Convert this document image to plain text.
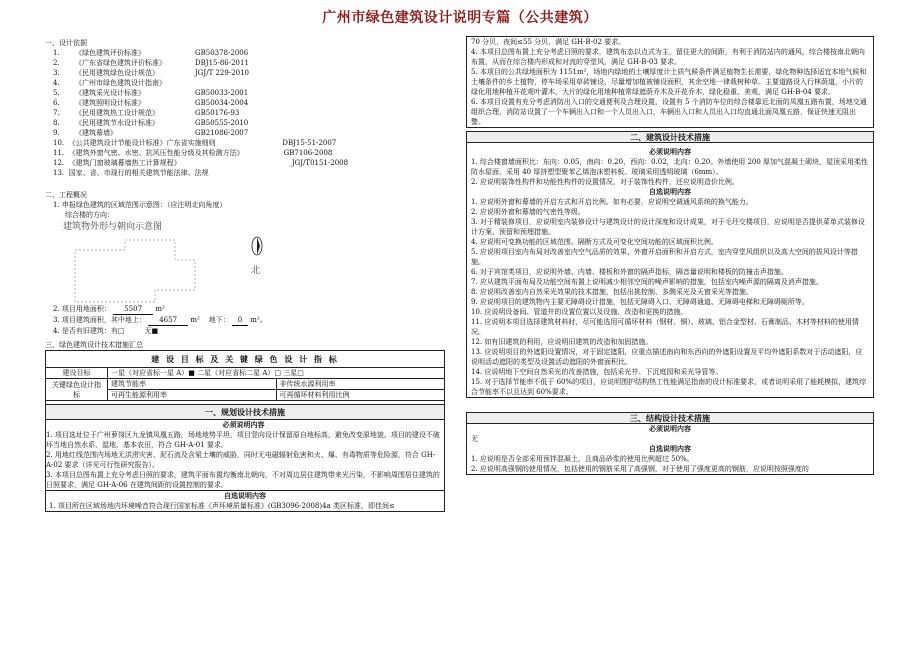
广州市绿色建筑设计说明专篇（公共建筑）
一、设计依据
1.	《绿色建筑评价标准》	GB50378-2006
2.	《广东省绿色建筑评价标准》	DBJ15-86-2011
3.	《民用建筑绿色设计规范》	JGJ/T 229-2010
4.	《广州市绿色建筑设计指南》
5.	《建筑采光设计标准》	GB50033-2001
6.	《建筑照明设计标准》	GB50034-2004
7.	《民用建筑热工设计规范》	GB50176-93
8.	《民用建筑节水设计标准》	GB50555-2010
9.	《建筑幕墙》	GB21086-2007
10.  《公共建筑设计节能设计标准》广东省实施细则                              DBJ15-51-2007
11.  《建筑外窗气密、水密、抗风压性能分级及其检测方法》                  GB7106-2008
12.  《建筑门窗玻璃幕墙热工计算规程》                                                  JGJ/T0151-2008
13.  国家、省、市现行的相关建筑节能法律、法规
二、工程概况
1. 申报绿色建筑的区域范围示意图：（应注明北向角度）
综合楼的方向：
建筑物外形与朝向示意图
北
2. 项目用地面积： 5507 m²
3. 项目建筑面积，其中地上： 4657 m² 地下： 0 m²。
4. 是否有旧建筑：有□	无■
三、绿色建筑设计技术措施汇总
建 设 目 标 及 关 键 绿 色 设 计 指 标		
建设目标	一星（对应省标一星 A）■ 二星（对应省标二星 A）□ 三星□	
关键绿色设计指标	建筑节能率	非传统水源利用率
	可再生能源利用率	可再循环材料利用比例

一、规划设计技术措施		

必须说明内容
1. 项目选址位于广州萝岗区九龙镇凤凰五路，场地地势平坦，项目竖向设计保留原自地标高，避免改变原地貌。项目的建设不破坏当地自然水系、湿地、基本农田，符合 GH-A-01 要求。
2. 用地红线范围内场地无洪涝灾害、泥石流及含氡土壤的威胁，同时无电磁辐射危害和火、爆、有毒物质等危险源，符合 GH-A-02 要求（详见可行性研究报告）。
3. 本项目总图布置上充分考虑日照的要求，建筑平面布置均衡南北朝向，不对周边居住建筑带来光污染，不影响周围居住建筑的日照要求，满足 GH-A-06 在建筑间距的设置控制的要求。		

自选说明内容
1. 项目所在区域场地内环境噪音符合现行国家标准《声环境质量标准》(GB3096-2008)4a 类区标准，即佳间≤		
70 分贝，夜间≤55 分贝，满足 GH-B-02 要求。
4. 本项目总图布置上充分考虑日照的要求，建筑布态以点式为主，留住更大的间距，有利于消防站内的通风，综合楼按南北朝向布置，从而在综合楼内形成和对流的穿堂风，满足 GH-B-03 要求。
5. 本项目的公共绿地面积为 1151m²，场地内绿地的土壤厚度计土质气候条件满足植物生长需要，绿化物种选择适宜本地气候和土壤条件的乡土植物，停车场采用草砖铺设，尽量增加植被铺设面积，其余空地一律栽树种草。主要道路设入行林荫道，小片的绿化用地种植开花观叶灌木，大片的绿化用地种植常绿遮荫乔木及开花乔木，绿化稳重、美观，满足 GH-B-04 要求。
6. 本项目设置有充分考虑消防出入口的交通便利及合理设置，设置有 5 个消防车位的综合楼靠近北面的凤凰五路布置，场地交通组织合理，消防站设置了一个车辆出入口和一个人员出入口，车辆出入口和人员出入口均直通北面凤凰五路，保证快速无阻出警。

二、建筑设计技术措施

必须说明内容
1. 综合楼窗墙面积比：东向：0.05，南向：0.20，西向：0.02，北向：0.20。外墙使用 200 厚加气混凝土砌块，屋顶采用柔性防水屋面，采用 40 厚挤塑型聚苯乙烯泡沫塑料板。玻璃采用透明玻璃（6mm）。
2. 应说明装饰性构件和功能性构件的设置情况，对于装饰性构件，还应说明造价比例。
自选说明内容
1. 应说明外窗和幕墙的开启方式和开启比例。如有必要，应说明空调通风系统的换气能力。
2. 应说明外窗和幕墙的气密性等级。
3. 对于精装修项目，应说明室内装修设计与建筑设计的设计深度和设计成果，对于毛坯交楼项目，应说明是否提供菜单式装修设计方案、预留和预埋措施。
4. 应说明可变换功能的区域范围、隔断方式及可变化空间功能的区域面积比例。
5. 应说明项目室内布局对改善室内空气品质的效果、外窗开启面积和开启方式，室内穿堂风组织以及高大空间的拔风设计等措施。
6. 对于宾馆类项目，应说明外墙、内墙、楼板和外窗的隔声指标，隔音量说明和楼板的防撞击声措施。
7. 应从建筑平面布局及功能空间布置上说明减少相邻空间的噪声影响的措施，包括室内噪声源的隔离及消声措施。
8. 应说明改善室内自然采光效果的技术措施，包括出挑控制、多侧采光及天窗采光等措施。
9. 应说明项目的建筑物内主要无障碍设计措施，包括无障碍入口、无障碍通道、无障碍电梯和无障碍厕所等。
10. 应说明设备间、管道井的设置位置以及设施、改造和更换的措施。
11. 应说明本项目选择建筑材料时，尽可能选用可循环材料（钢材、铜）、玻璃、铝合金型材、石膏制品、木材等材料的使用情况。
12. 如有旧建筑的利用，应说明旧建筑的改造和加固措施。
13. 应说明项目的外遮阳设置情况，对于固定遮阳，应重点描述南向和东西向的外遮阳设置及平均外遮阳系数对于活动遮阳，应说明活动遮阳的类型及设置活动遮阳的外窗面积比。
14. 应说明地下空间自然采光的改善措施，包括采光井、下沉庭园和采光导管等。
15. 对于选择节能率不低于 60%的项目，应说明围护结构热工性能满足指南的设计标准要求，或者说明采用了能耗模拟，建筑综合节能率不以且达到 60%要求。

三、结构设计技术措施

必须说明内容
无
自选说明内容
1. 应说明是否全部采用预拌混凝土，且商品砂浆的使用比例超过 50%。
2. 应说明高强钢的使用情况，包括使用的钢筋采用了高强钢，对于使用了强度更高的钢筋，应说明按照强度的
